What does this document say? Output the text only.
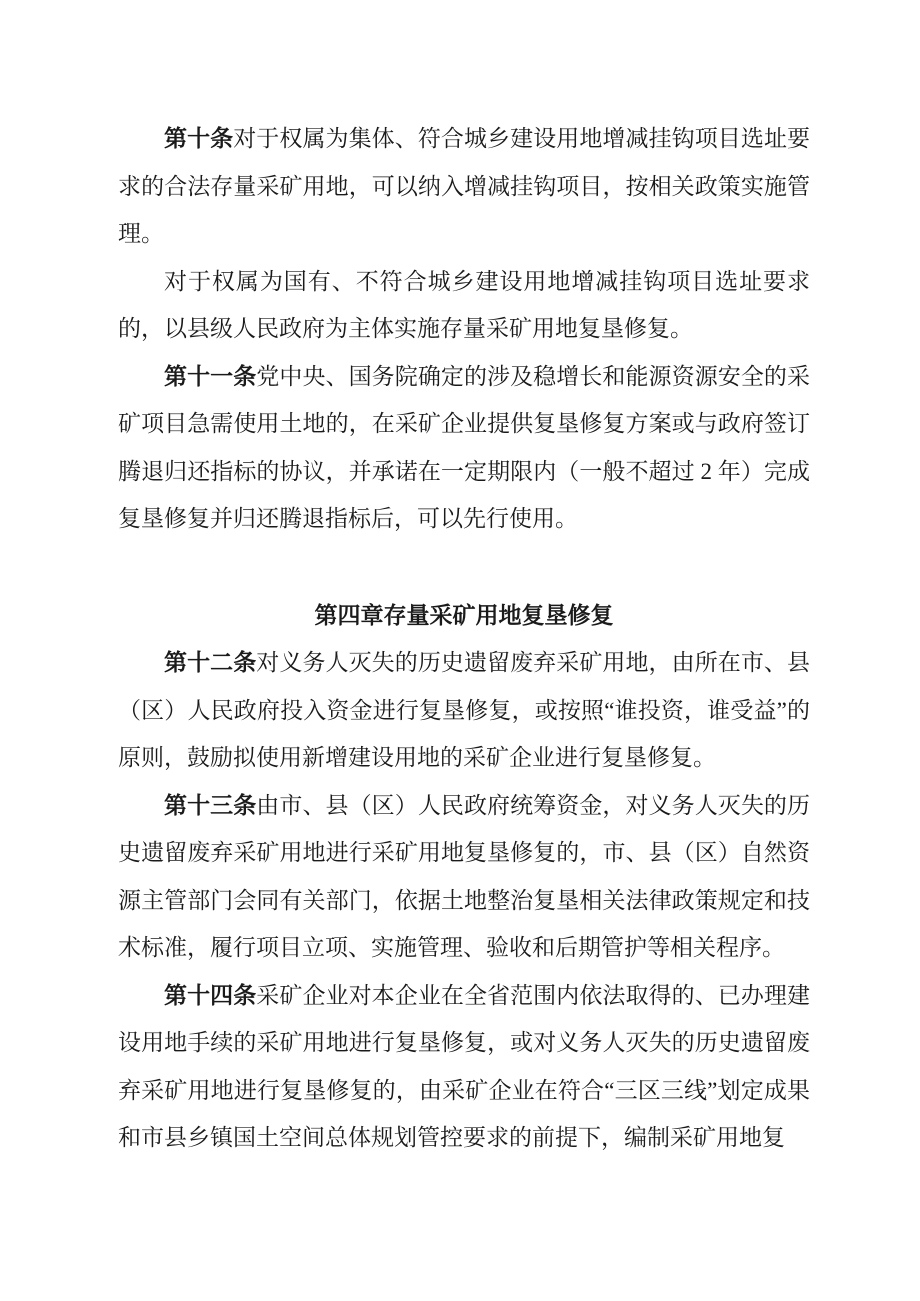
第十条对于权属为集体、符合城乡建设用地增减挂钩项目选址要求的合法存量采矿用地，可以纳入增减挂钩项目，按相关政策实施管理。

对于权属为国有、不符合城乡建设用地增减挂钩项目选址要求的，以县级人民政府为主体实施存量采矿用地复垦修复。

第十一条党中央、国务院确定的涉及稳增长和能源资源安全的采矿项目急需使用土地的，在采矿企业提供复垦修复方案或与政府签订腾退归还指标的协议，并承诺在一定期限内（一般不超过 2 年）完成复垦修复并归还腾退指标后，可以先行使用。

第四章存量采矿用地复垦修复

第十二条对义务人灭失的历史遗留废弃采矿用地，由所在市、县（区）人民政府投入资金进行复垦修复，或按照“谁投资，谁受益”的原则，鼓励拟使用新增建设用地的采矿企业进行复垦修复。

第十三条由市、县（区）人民政府统筹资金，对义务人灭失的历史遗留废弃采矿用地进行采矿用地复垦修复的，市、县（区）自然资源主管部门会同有关部门，依据土地整治复垦相关法律政策规定和技术标准，履行项目立项、实施管理、验收和后期管护等相关程序。

第十四条采矿企业对本企业在全省范围内依法取得的、已办理建设用地手续的采矿用地进行复垦修复，或对义务人灭失的历史遗留废弃采矿用地进行复垦修复的，由采矿企业在符合“三区三线”划定成果和市县乡镇国土空间总体规划管控要求的前提下，编制采矿用地复
